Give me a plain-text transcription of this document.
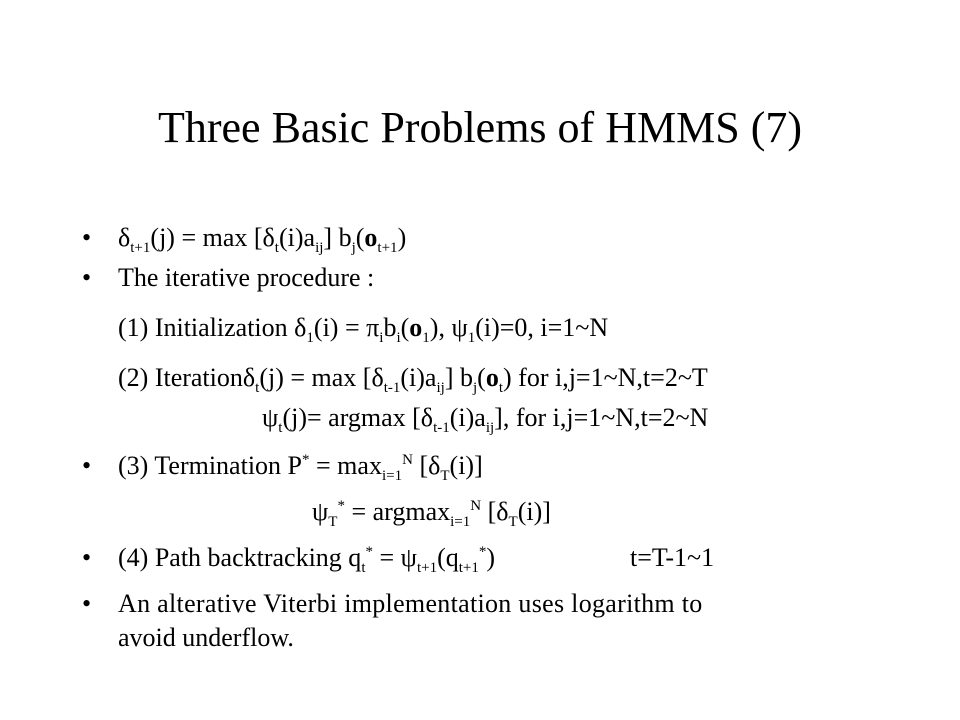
Three Basic Problems of HMMS (7)
• $\delta_{t+1}(j) = \max [\delta_t(i)a_{ij}]$ $b_j(o_{t+1})$
• The iterative procedure :
(1) Initialization $\delta_1(i) = \pi_ib_i(o_1)$, $\psi_1(i)=0$, i=1~N
(2) Iterationδ$_t$(j) = $\max [\delta_{t-1}(i)a_{ij}]$ $b_j(o_t)$ for i,j=1~N,t=2~T
$\psi_t(j)= argmax$ $[\delta_{t-1}(i)a_{ij}]$, for i,j=1~N,t=2~N
• (3) Termination $P^* = \max_{i=1}^N [\delta_T(i)]$
$\psi_T^* = argmax_{i=1}^N$ $[\delta_T(i)]$
• (4) Path backtracking $q_t^* = \psi_{t+1}(q_{t+1}^*)$	t=T-1~1
• An alterative Viterbi implementation uses logarithm to
avoid underflow.
